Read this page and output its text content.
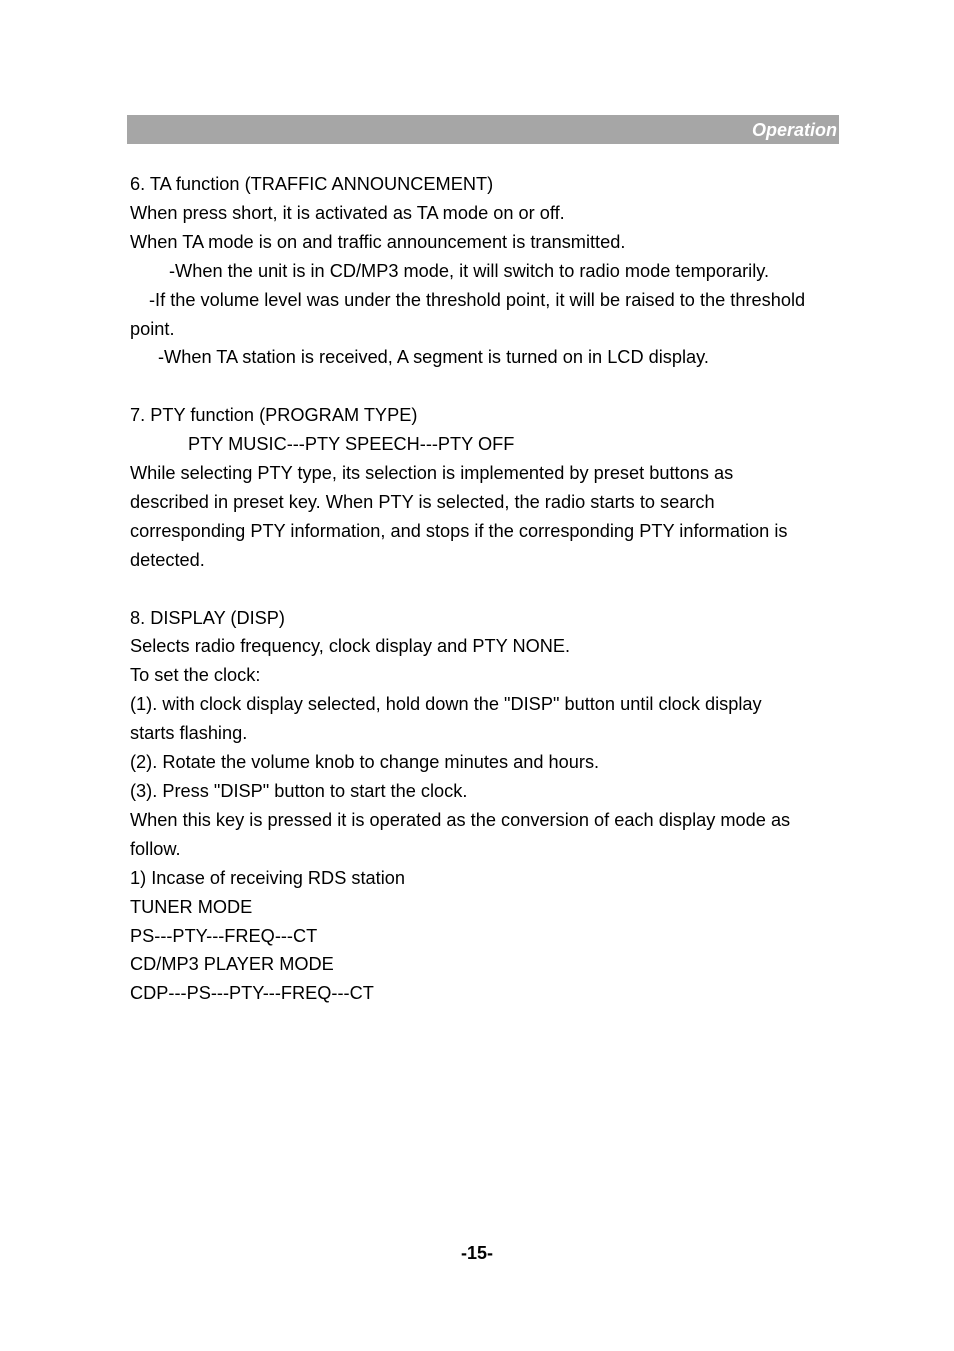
Operation
6. TA function (TRAFFIC ANNOUNCEMENT)
When press short, it is activated as TA mode on or off.
When TA mode is on and traffic announcement is transmitted.
-When the unit is in CD/MP3 mode, it will switch to radio mode temporarily.
-If the volume level was under the threshold point, it will be raised to the threshold
point.
-When TA station is received, A segment is turned on in LCD display.
7. PTY function (PROGRAM TYPE)
PTY MUSIC---PTY SPEECH---PTY OFF
While selecting PTY type, its selection is implemented by preset buttons as
described in preset key. When PTY is selected, the radio starts to search
corresponding PTY information, and stops if the corresponding PTY information is
detected.
8. DISPLAY (DISP)
Selects radio frequency, clock display and PTY NONE.
To set the clock:
(1). with clock display selected, hold down the "DISP" button until clock display
starts flashing.
(2). Rotate the volume knob to change minutes and hours.
(3). Press "DISP" button to start the clock.
When this key is pressed it is operated as the conversion of each display mode as
follow.
1) Incase of receiving RDS station
TUNER MODE
PS---PTY---FREQ---CT
CD/MP3 PLAYER MODE
CDP---PS---PTY---FREQ---CT
-15-
